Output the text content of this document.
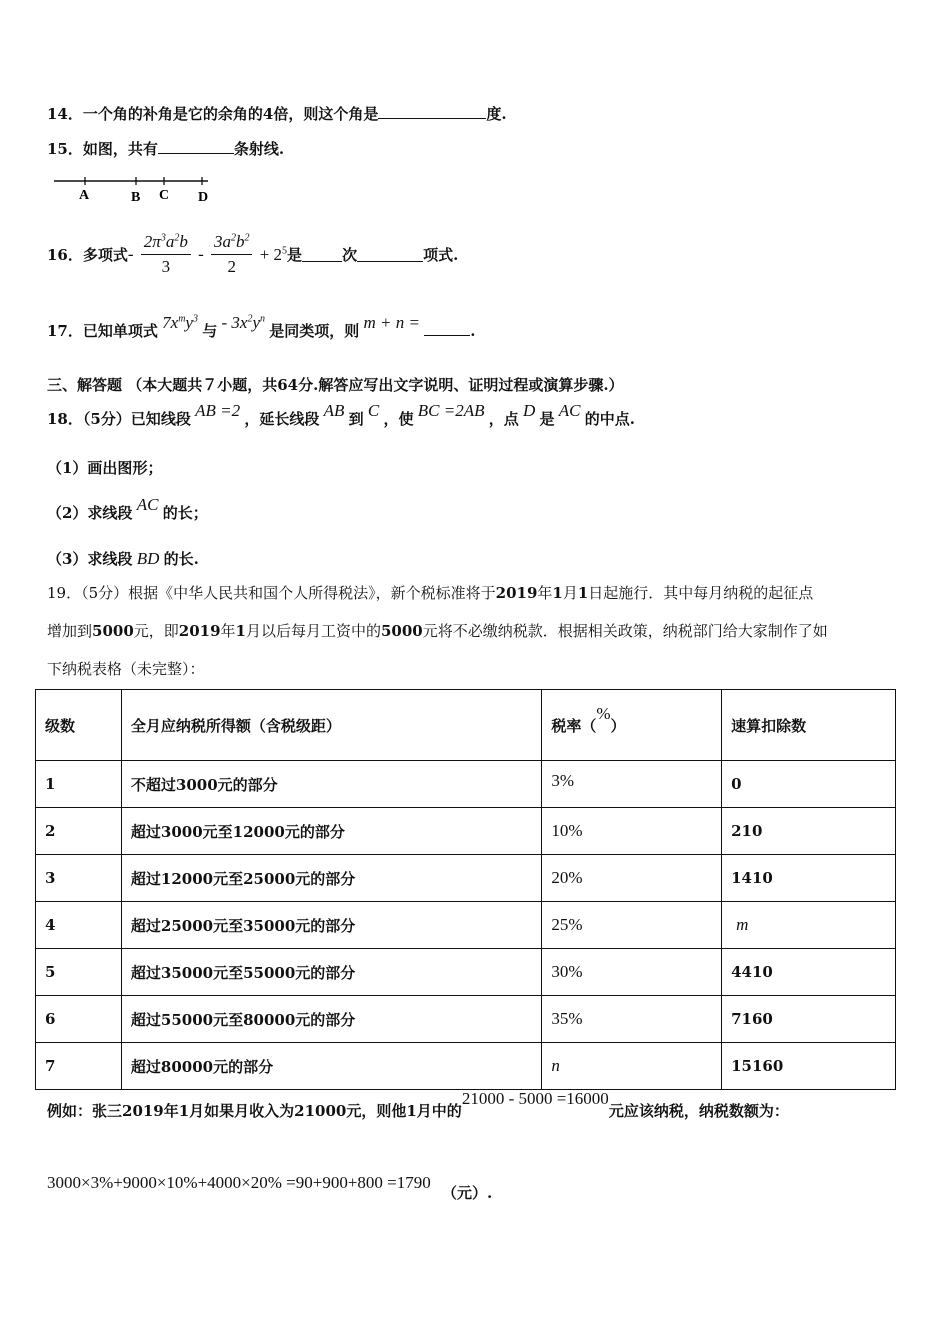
14．一个角的补角是它的余角的4倍，则这个角是	度.
15．如图，共有	条射线.
A	B C D
16．多项式- $\frac{2\pi^3a^2b}{3} - \frac{3a^2b^2}{2} + 2^5$是	次	项式.
17．已知单项式 $7x^my^3$ 与 - $3x^2y^n$ 是同类项，则 m + n =	.
三、解答题 （本大题共７小题，共64分.解答应写出文字说明、证明过程或演算步骤.）
18．（5分）已知线段 AB =2 ，延长线段 AB 到 C ，使 BC =2AB ，点 D 是 AC 的中点.
（1）画出图形；
（2）求线段 AC 的长；
（3）求线段 BD 的长.
19．（5分）根据《中华人民共和国个人所得税法》，新个税标准将于2019年1月1日起施行．其中每月纳税的起征点
增加到5000元，即2019年1月以后每月工资中的5000元将不必缴纳税款．根据相关政策，纳税部门给大家制作了如
下纳税表格（未完整）：
级数	全月应纳税所得额（含税级距）	税率（%）	速算扣除数
1	不超过3000元的部分	3%	0
2	超过3000元至12000元的部分	10%	210
3	超过12000元至25000元的部分	20%	1410
4	超过25000元至35000元的部分	25%	m
5	超过35000元至55000元的部分	30%	4410
6	超过55000元至80000元的部分	35%	7160
7	超过80000元的部分	n	15160
例如：张三2019年1月如果月收入为21000元，则他1月中的21000 - 5000 =16000元应该纳税，纳税数额为：
3000×3%+9000×10%+4000×20% =90+900+800 =1790 （元）.
